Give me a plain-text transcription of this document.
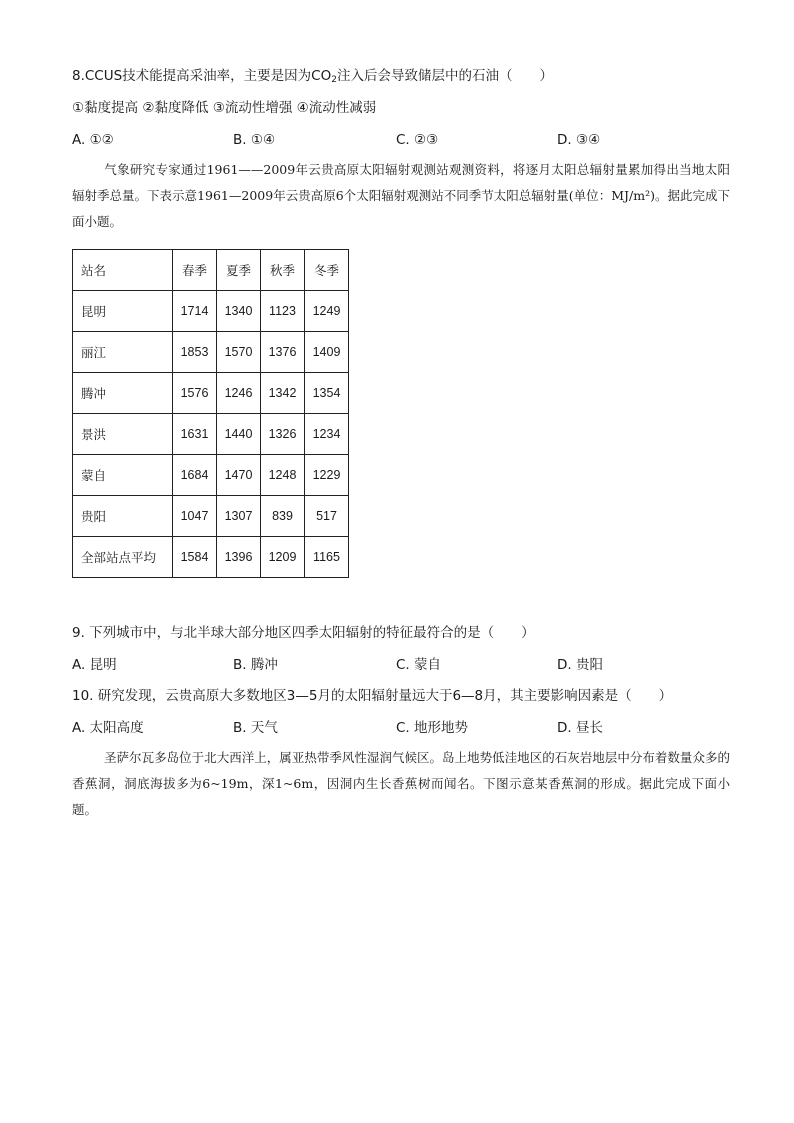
8.CCUS技术能提高采油率，主要是因为$CO_2$注入后会导致储层中的石油（　　）
①黏度提高 ②黏度降低 ③流动性增强 ④流动性减弱
A. ①②	B. ①④	C. ②③	D. ③④
气象研究专家通过1961——2009年云贵高原太阳辐射观测站观测资料，将逐月太阳总辐射量累加得出当地太阳辐射季总量。下表示意1961—2009年云贵高原6个太阳辐射观测站不同季节太阳总辐射量(单位：MJ/m²)。据此完成下面小题。
站名	春季	夏季	秋季	冬季
昆明	1714	1340	1123	1249
丽江	1853	1570	1376	1409
腾冲	1576	1246	1342	1354
景洪	1631	1440	1326	1234
蒙自	1684	1470	1248	1229
贵阳	1047	1307	839	517
全部站点平均	1584	1396	1209	1165
9. 下列城市中，与北半球大部分地区四季太阳辐射的特征最符合的是（　　）
A. 昆明	B. 腾冲	C. 蒙自	D. 贵阳
10. 研究发现，云贵高原大多数地区3—5月的太阳辐射量远大于6—8月，其主要影响因素是（　　）
A. 太阳高度	B. 天气	C. 地形地势	D. 昼长
圣萨尔瓦多岛位于北大西洋上，属亚热带季风性湿润气候区。岛上地势低洼地区的石灰岩地层中分布着数量众多的香蕉洞，洞底海拔多为6~19m，深1~6m，因洞内生长香蕉树而闻名。下图示意某香蕉洞的形成。据此完成下面小题。
